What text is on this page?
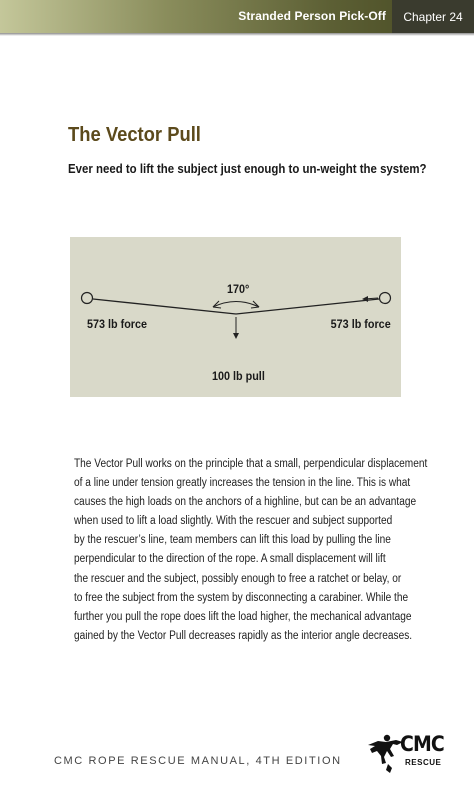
Stranded Person Pick-Off	Chapter 24
The Vector Pull

Ever need to lift the subject just enough to un-weight the system?

170°
573 lb force	573 lb force
100 lb pull

The Vector Pull works on the principle that a small, perpendicular displacement
of a line under tension greatly increases the tension in the line. This is what
causes the high loads on the anchors of a highline, but can be an advantage
when used to lift a load slightly. With the rescuer and subject supported
by the rescuer’s line, team members can lift this load by pulling the line
perpendicular to the direction of the rope. A small displacement will lift
the rescuer and the subject, possibly enough to free a ratchet or belay, or
to free the subject from the system by disconnecting a carabiner. While the
further you pull the rope does lift the load higher, the mechanical advantage
gained by the Vector Pull decreases rapidly as the interior angle decreases.

CMC ROPE RESCUE MANUAL, 4TH EDITION
CMC
RESCUE
